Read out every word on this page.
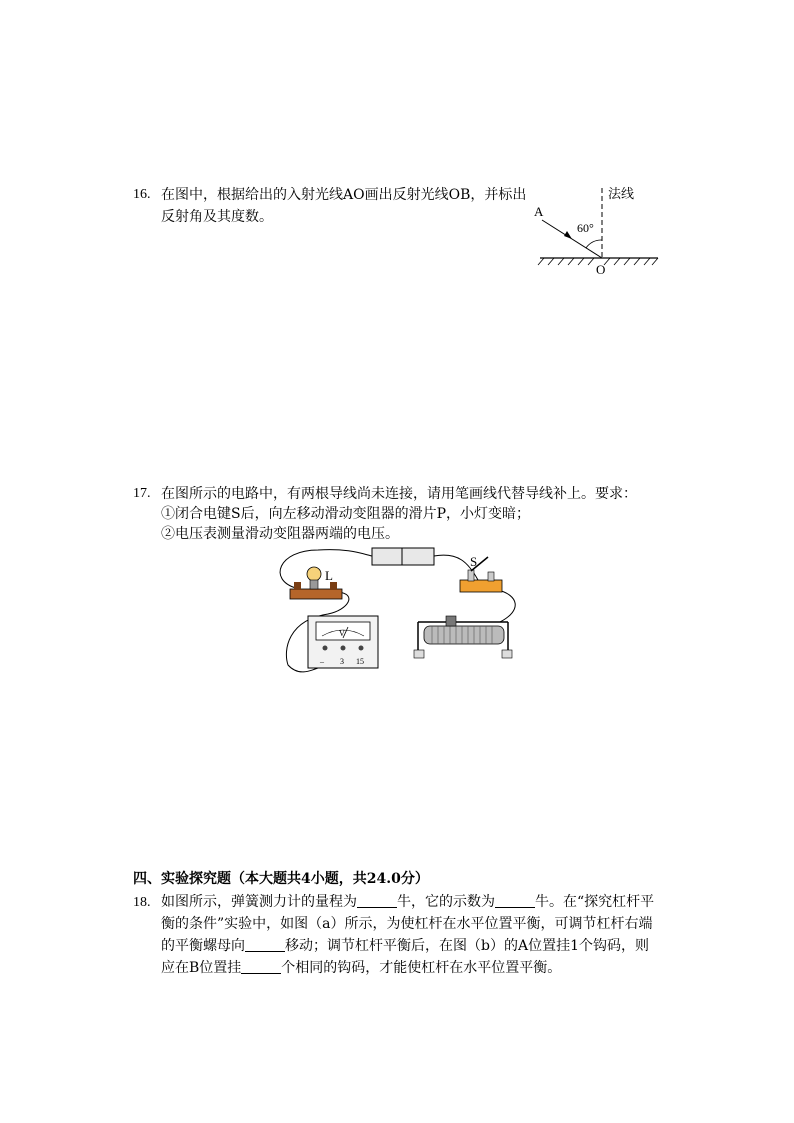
16. 在图中，根据给出的入射光线AO画出反射光线OB，并标出
反射角及其度数。	A
60°
O
法线
17. 在图所示的电路中，有两根导线尚未连接，请用笔画线代替导线补上。要求：
①闭合电键S后，向左移动滑动变阻器的滑片P，小灯变暗；
②电压表测量滑动变阻器两端的电压。
L
S
V
– 3 15
四、实验探究题（本大题共4小题，共24.0分）
18. 如图所示，弹簧测力计的量程为	牛，它的示数为	牛。在“探究杠杆平
衡的条件”实验中，如图（a）所示，为使杠杆在水平位置平衡，可调节杠杆右端
的平衡螺母向	移动；调节杠杆平衡后，在图（b）的A位置挂1个钩码，则
应在B位置挂	个相同的钩码，才能使杠杆在水平位置平衡。
